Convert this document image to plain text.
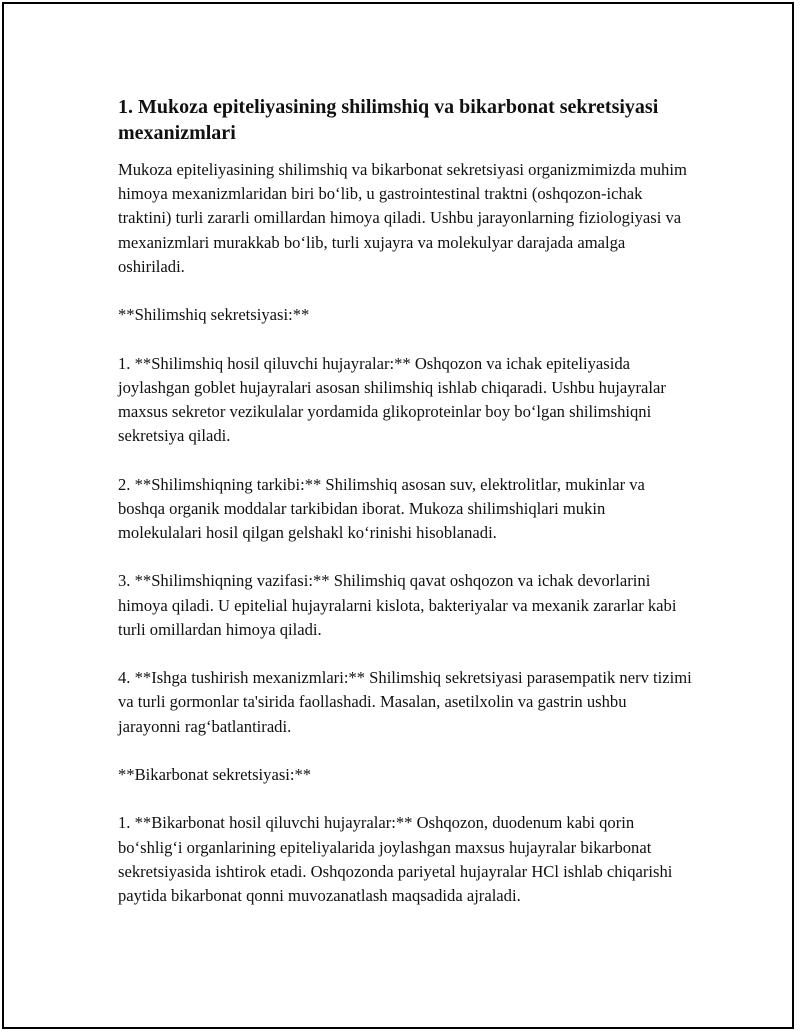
1. Mukoza epiteliyasining shilimshiq va bikarbonat sekretsiyasi mexanizmlari

Mukoza epiteliyasining shilimshiq va bikarbonat sekretsiyasi organizmimizda muhim himoya mexanizmlaridan biri bo‘lib, u gastrointestinal traktni (oshqozon-ichak traktini) turli zararli omillardan himoya qiladi. Ushbu jarayonlarning fiziologiyasi va mexanizmlari murakkab bo‘lib, turli xujayra va molekulyar darajada amalga oshiriladi.

**Shilimshiq sekretsiyasi:**

1. **Shilimshiq hosil qiluvchi hujayralar:** Oshqozon va ichak epiteliyasida joylashgan goblet hujayralari asosan shilimshiq ishlab chiqaradi. Ushbu hujayralar maxsus sekretor vezikulalar yordamida glikoproteinlar boy bo‘lgan shilimshiqni sekretsiya qiladi.

2. **Shilimshiqning tarkibi:** Shilimshiq asosan suv, elektrolitlar, mukinlar va boshqa organik moddalar tarkibidan iborat. Mukoza shilimshiqlari mukin molekulalari hosil qilgan gelshakl ko‘rinishi hisoblanadi.

3. **Shilimshiqning vazifasi:** Shilimshiq qavat oshqozon va ichak devorlarini himoya qiladi. U epitelial hujayralarni kislota, bakteriyalar va mexanik zararlar kabi turli omillardan himoya qiladi.

4. **Ishga tushirish mexanizmlari:** Shilimshiq sekretsiyasi parasempatik nerv tizimi va turli gormonlar ta'sirida faollashadi. Masalan, asetilxolin va gastrin ushbu jarayonni rag‘batlantiradi.

**Bikarbonat sekretsiyasi:**

1. **Bikarbonat hosil qiluvchi hujayralar:** Oshqozon, duodenum kabi qorin bo‘shlig‘i organlarining epiteliyalarida joylashgan maxsus hujayralar bikarbonat sekretsiyasida ishtirok etadi. Oshqozonda pariyetal hujayralar HCl ishlab chiqarishi paytida bikarbonat qonni muvozanatlash maqsadida ajraladi.
